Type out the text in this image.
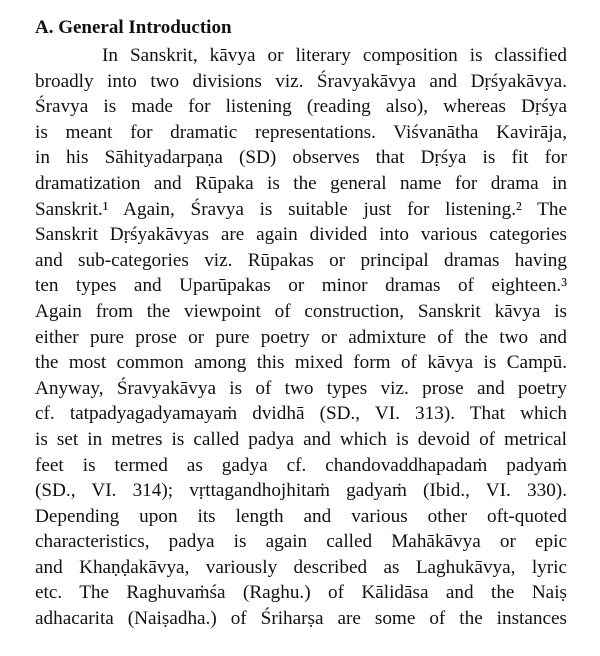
A. General Introduction
In Sanskrit, kāvya or literary composition is classified
broadly into two divisions viz. Śravyakāvya and Dṛśyakāvya.
Śravya is made for listening (reading also), whereas Dṛśya
is meant for dramatic representations. Viśvanātha Kavirāja,
in his Sāhityadarpaṇa (SD) observes that Dṛśya is fit for
dramatization and Rūpaka is the general name for drama in
Sanskrit.¹ Again, Śravya is suitable just for listening.² The
Sanskrit Dṛśyakāvyas are again divided into various categories
and sub-categories viz. Rūpakas or principal dramas having
ten types and Uparūpakas or minor dramas of eighteen.³
Again from the viewpoint of construction, Sanskrit kāvya is
either pure prose or pure poetry or admixture of the two and
the most common among this mixed form of kāvya is Campū.
Anyway, Śravyakāvya is of two types viz. prose and poetry
cf. tatpadyagadyamayaṁ dvidhā (SD., VI. 313). That which
is set in metres is called padya and which is devoid of metrical
feet is termed as gadya cf. chandovaddhapadaṁ padyaṁ
(SD., VI. 314); vṛttagandhojhitaṁ gadyaṁ (Ibid., VI. 330).
Depending upon its length and various other oft-quoted
characteristics, padya is again called Mahākāvya or epic
and Khaṇḍakāvya, variously described as Laghukāvya, lyric
etc. The Raghuvaṁśa (Raghu.) of Kālidāsa and the Naiṣ
adhacarita (Naiṣadha.) of Śriharṣa are some of the instances
